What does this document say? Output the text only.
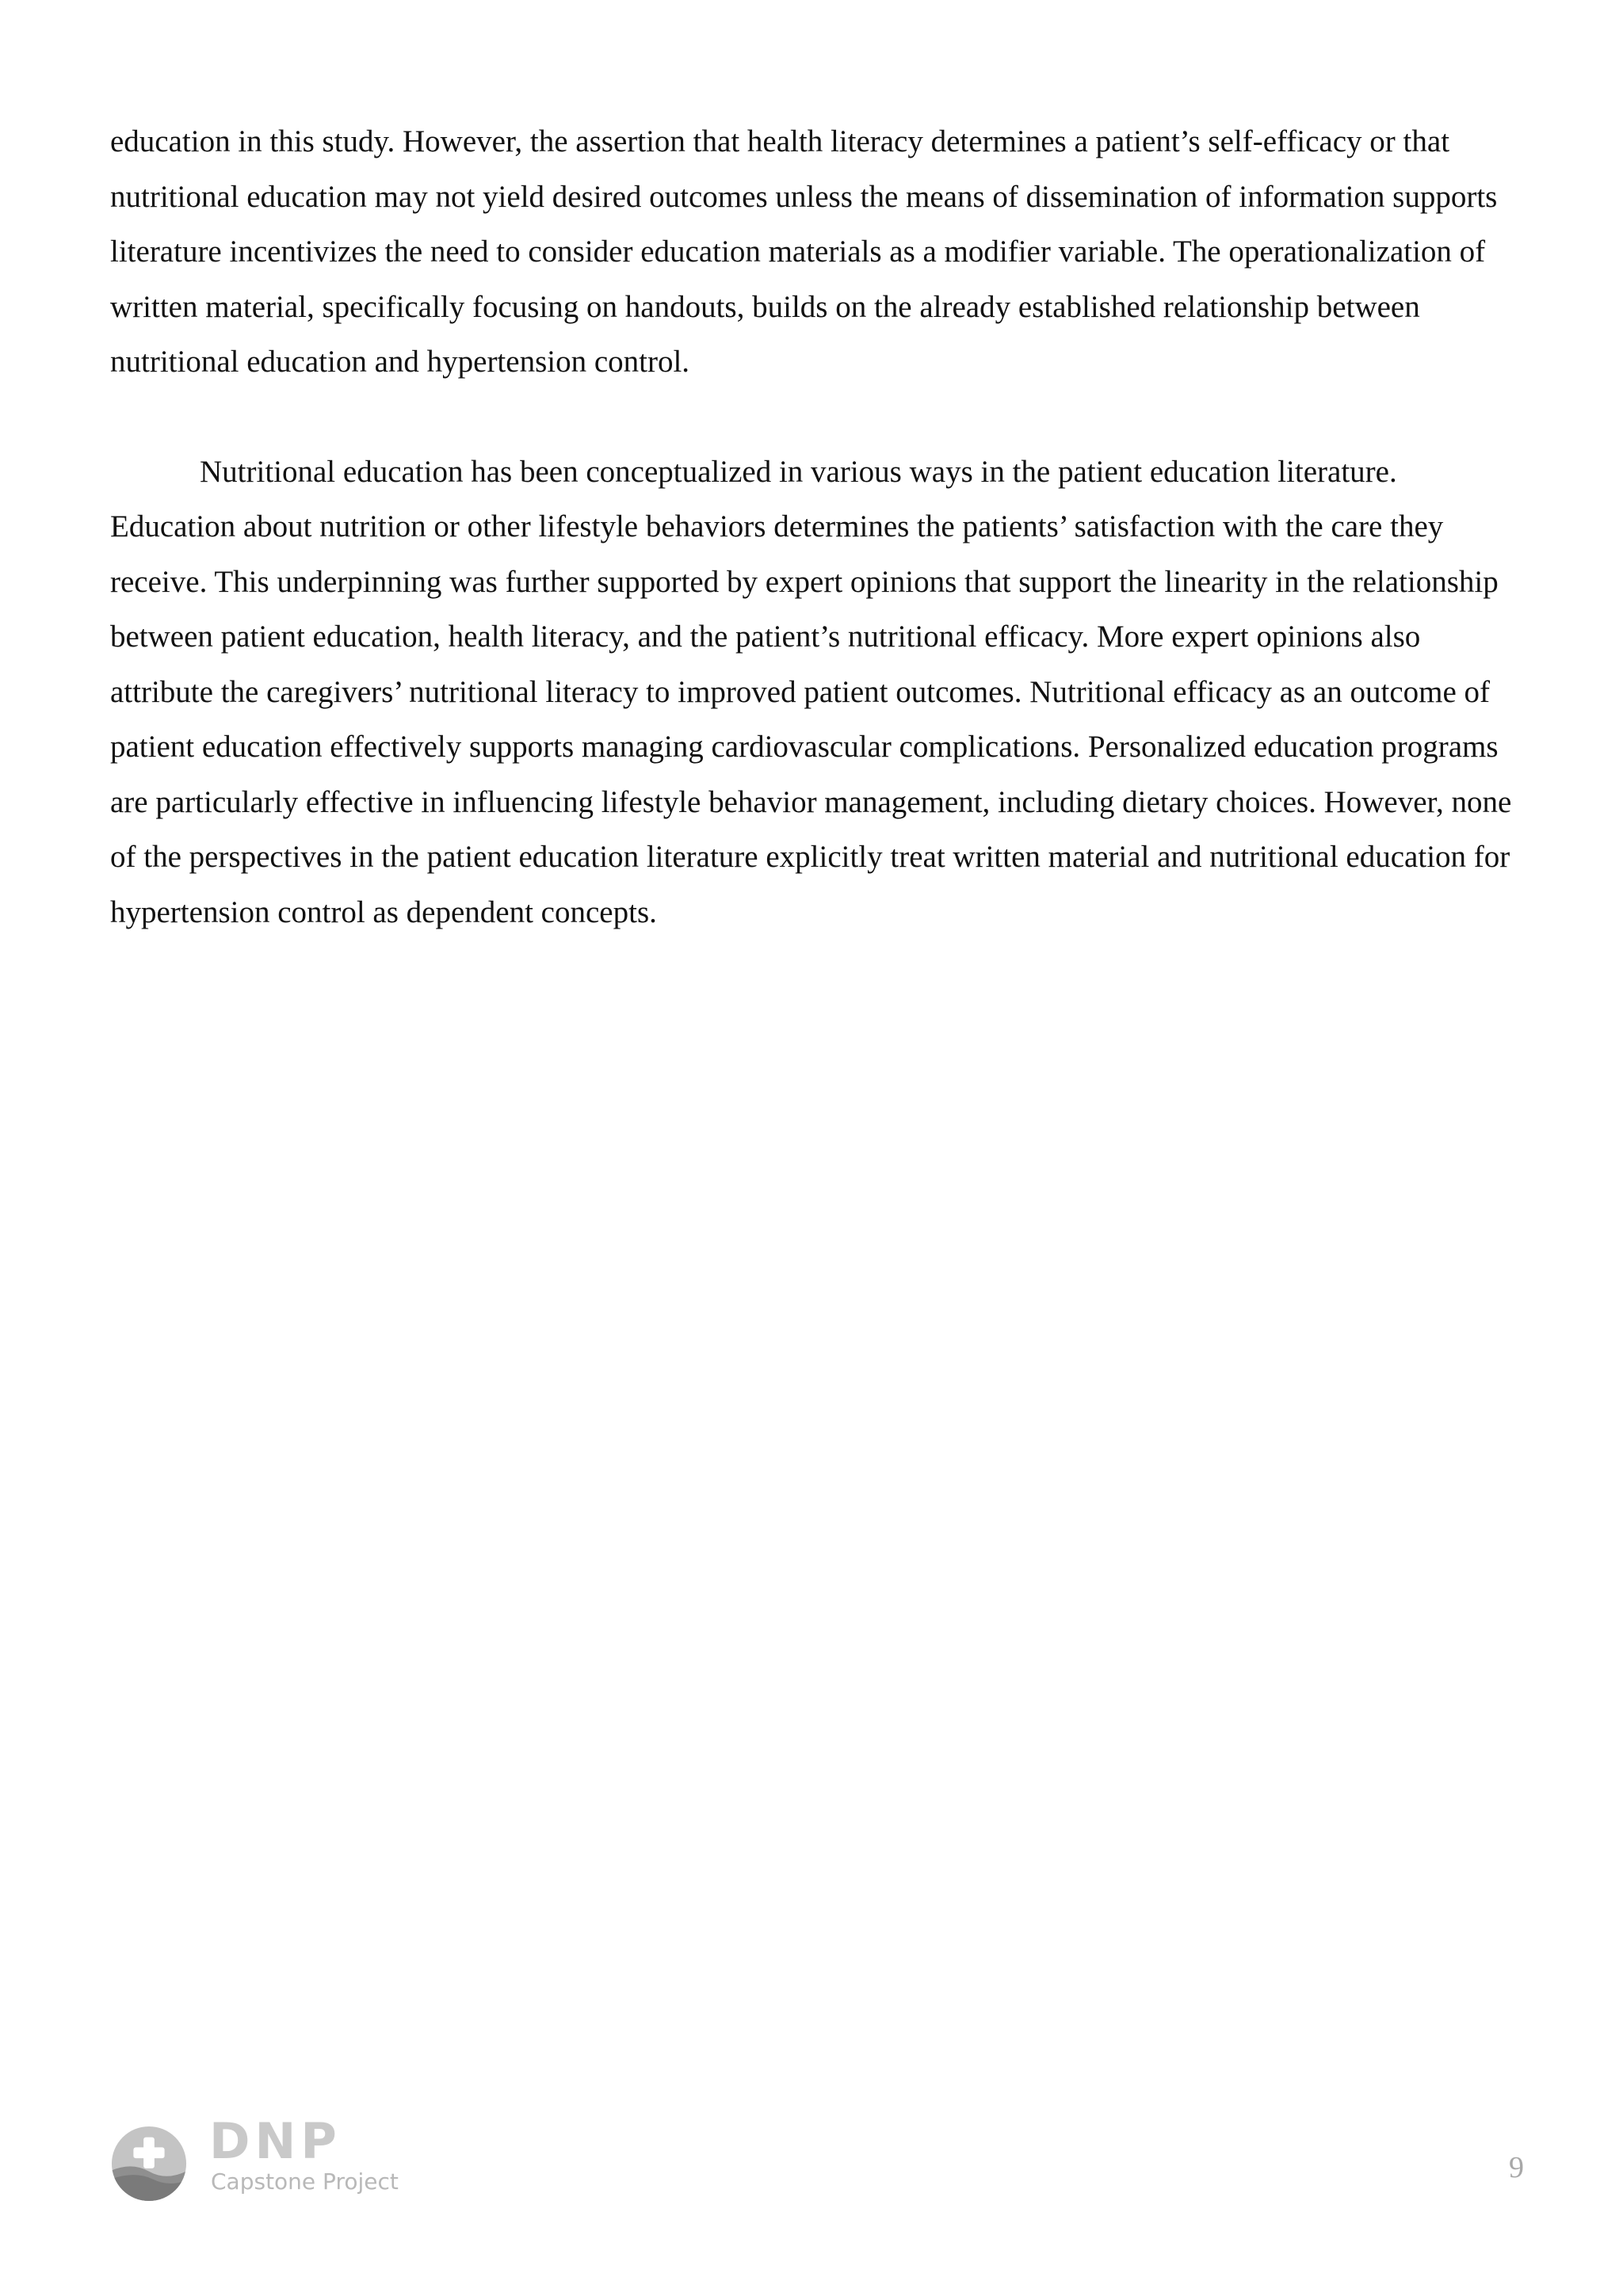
education in this study. However, the assertion that health literacy determines a patient’s self-efficacy or that nutritional education may not yield desired outcomes unless the means of dissemination of information supports literature incentivizes the need to consider education materials as a modifier variable. The operationalization of written material, specifically focusing on handouts, builds on the already established relationship between nutritional education and hypertension control.

Nutritional education has been conceptualized in various ways in the patient education literature. Education about nutrition or other lifestyle behaviors determines the patients’ satisfaction with the care they receive. This underpinning was further supported by expert opinions that support the linearity in the relationship between patient education, health literacy, and the patient’s nutritional efficacy. More expert opinions also attribute the caregivers’ nutritional literacy to improved patient outcomes. Nutritional efficacy as an outcome of patient education effectively supports managing cardiovascular complications. Personalized education programs are particularly effective in influencing lifestyle behavior management, including dietary choices. However, none of the perspectives in the patient education literature explicitly treat written material and nutritional education for hypertension control as dependent concepts.

DNP
Capstone Project	9
